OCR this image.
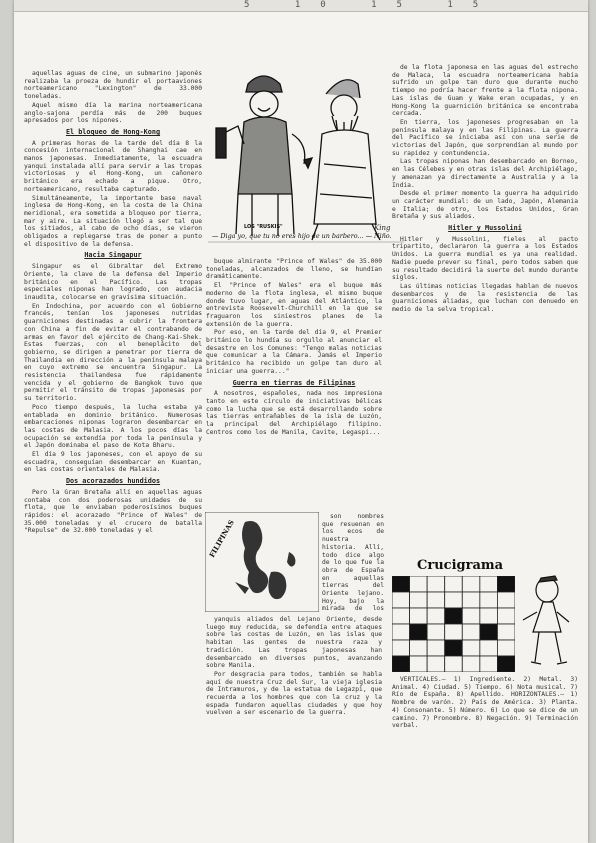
5 10 15 15

aquellas aguas de cine, un submarino japonés realizaba la proeza de hundir el portaaviones norteamericano "Lexington" de 33.000 toneladas.

Aquel mismo día la marina norteamericana anglo-sajona perdía más de 200 buques apresados por los nipones.

El bloqueo de Hong-Kong

A primeras horas de la tarde del día 8 la concesión internacional de Shanghai cae en manos japonesas. Inmediatamente, la escuadra yanqui instalada allí para servir a las tropas victoriosas y el Hong-Kong, un cañonero británico era echado a pique. Otro, norteamericano, resultaba capturado.

Simultáneamente, la importante base naval inglesa de Hong-Kong, en la costa de la China meridional, era sometida a bloqueo por tierra, mar y aire. La situación llegó a ser tal que los sitiados, al cabo de ocho días, se vieron obligados a replegarse tras de poner a punto el dispositivo de la defensa.

Hacia Singapur

Singapur es el Gibraltar del Extremo Oriente, la clave de la defensa del Imperio británico en el Pacífico. Las tropas especiales niponas han logrado, con audacia inaudita, colocarse en gravísima situación.

En Indochina, por acuerdo con el Gobierno francés, tenían los japoneses nutridas guarniciones destinadas a cubrir la frontera con China a fin de evitar el contrabando de armas en favor del ejército de Chang-Kai-Shek. Estas fuerzas, con el beneplácito del gobierno, se dirigen a penetrar por tierra de Thailandia en dirección a la península malaya en cuyo extremo se encuentra Singapur. La resistencia thailandesa fue rápidamente vencida y el gobierno de Bangkok tuvo que permitir el tránsito de tropas japonesas por su territorio.

Poco tiempo después, la lucha estaba ya entablada en dominio británico. Numerosas embarcaciones niponas lograron desembarcar en las costas de Malasia. A los pocos días la ocupación se extendía por toda la península y el Japón dominaba el paso de Kota Bharu.

El día 9 los japoneses, con el apoyo de su escuadra, conseguían desembarcar en Kuantan, en las costas orientales de Malasia.

Dos acorazados hundidos

Pero la Gran Bretaña allí en aquellas aguas contaba con dos poderosas unidades de su flota, que le enviaban poderosísimos buques rápidos: el acorazado "Prince of Wales" de 35.000 toneladas y el crucero de batalla "Repulse" de 32.000 toneladas y el

LOS "RUSKIS"	King
— Diga yo, que tu no eres hijo de un barbero... — Niño.

buque almirante "Prince of Wales" de 35.000 toneladas, alcanzados de lleno, se hundían dramáticamente.

El "Prince of Wales" era el buque más moderno de la flota inglesa, el mismo buque donde tuvo lugar, en aguas del Atlántico, la entrevista Roosevelt-Churchill en la que se fraguaron los siniestros planes de la extensión de la guerra.

Por eso, en la tarde del día 9, el Premier británico lo hundía su orgullo al anunciar el desastre en los Comunes: "Tengo malas noticias que comunicar a la Cámara. Jamás el Imperio británico ha recibido un golpe tan duro al iniciar una guerra..."

Guerra en tierras de Filipinas

A nosotros, españoles, nada nos impresiona tanto en este círculo de iniciativas bélicas como la lucha que se está desarrollando sobre las tierras entrañables de la isla de Luzón, la principal del Archipiélago filipino. Centros como los de Manila, Cavite, Legaspi...

son nombres que resuenan en los ecos de nuestra historia. Allí, todo dice algo de lo que fue la obra de España en aquellas tierras del Oriente lejano. Hoy, bajo la mirada de los

yanquis aliados del Lejano Oriente, desde luego muy reducida, se defendía entre ataques sobre las costas de Luzón, en las islas que habitan las gentes de nuestra raza y tradición. Las tropas japonesas han desembarcado en diversos puntos, avanzando sobre Manila.

Por desgracia para todos, también se habla aquí de nuestra Cruz del Sur, la vieja iglesia de Intramuros, y de la estatua de Legazpi, que recuerda a los hombres que con la cruz y la espada fundaron aquellas ciudades y que hoy vuelven a ser escenario de la guerra.

de la flota japonesa en las aguas del estrecho de Malaca, la escuadra norteamericana había sufrido un golpe tan duro que durante mucho tiempo no podría hacer frente a la flota nipona. Las islas de Guam y Wake eran ocupadas, y en Hong-Kong la guarnición británica se encontraba cercada.

En tierra, los japoneses progresaban en la península malaya y en las Filipinas. La guerra del Pacífico se iniciaba así con una serie de victorias del Japón, que sorprendían al mundo por su rapidez y contundencia.

Las tropas niponas han desembarcado en Borneo, en las Célebes y en otras islas del Archipiélago, y amenazan ya directamente a Australia y a la India.

Desde el primer momento la guerra ha adquirido un carácter mundial: de un lado, Japón, Alemania e Italia; de otro, los Estados Unidos, Gran Bretaña y sus aliados.

Hitler y Mussolini

Hitler y Mussolini, fieles al pacto tripartito, declararon la guerra a los Estados Unidos. La guerra mundial es ya una realidad. Nadie puede prever su final, pero todos saben que su resultado decidirá la suerte del mundo durante siglos.

Las últimas noticias llegadas hablan de nuevos desembarcos y de la resistencia de las guarniciones aliadas, que luchan con denuedo en medio de la selva tropical.

Crucigrama

VERTICALES.— 1) Ingrediente. 2) Metal. 3) Animal. 4) Ciudad. 5) Tiempo. 6) Nota musical. 7) Río de España. 8) Apellido. HORIZONTALES.— 1) Nombre de varón. 2) País de América. 3) Planta. 4) Consonante. 5) Número. 6) Lo que se dice de un camino. 7) Pronombre. 8) Negación. 9) Terminación verbal.
